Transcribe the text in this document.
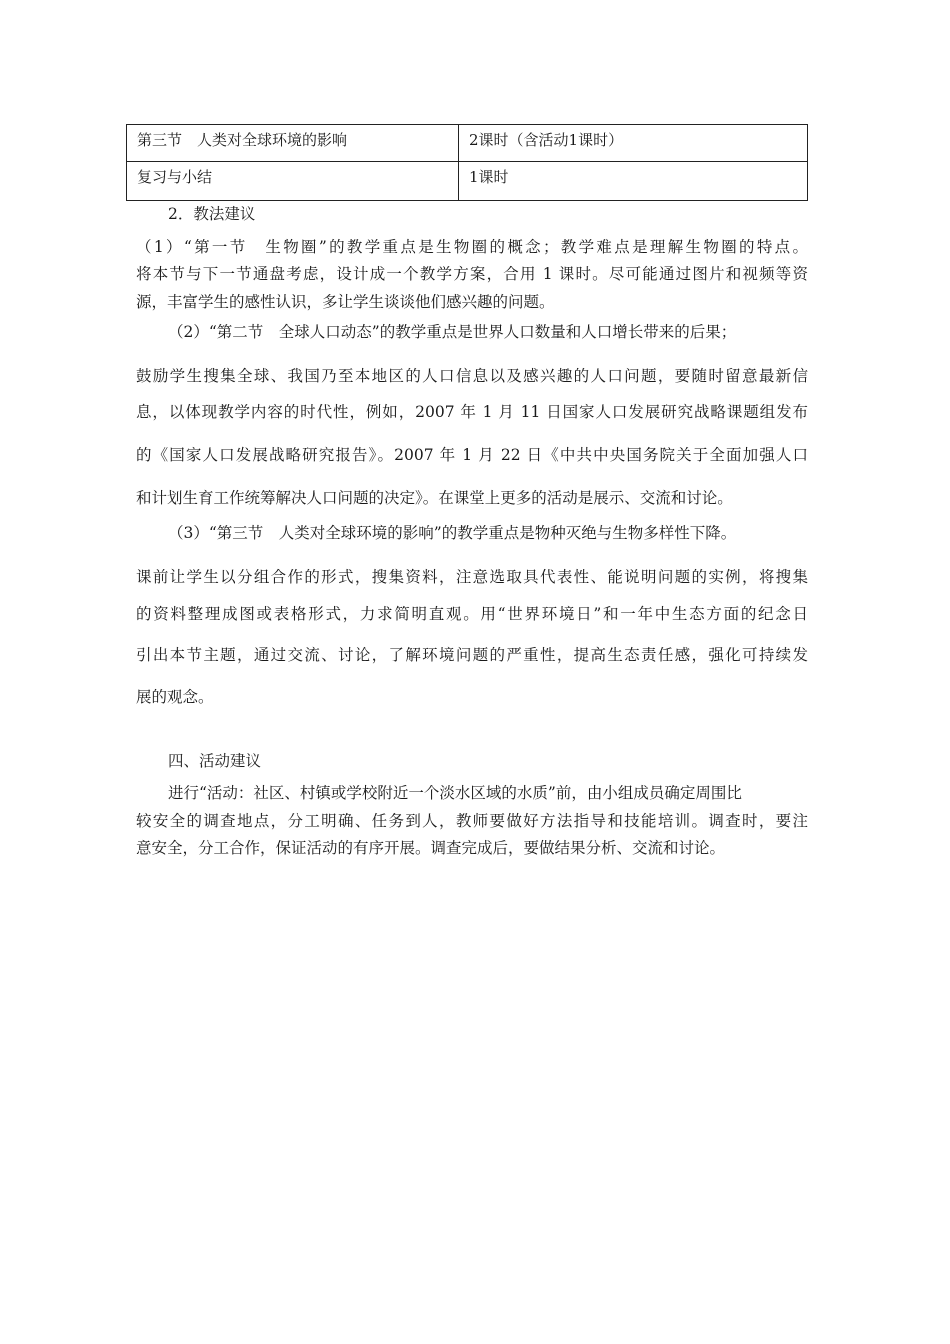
第三节　人类对全球环境的影响	2课时（含活动1课时）
复习与小结	1课时
2．教法建议
（1）“第一节　生物圈”的教学重点是生物圈的概念；教学难点是理解生物圈的特点。
将本节与下一节通盘考虑，设计成一个教学方案，合用 1 课时。尽可能通过图片和视频等资
源，丰富学生的感性认识，多让学生谈谈他们感兴趣的问题。
（2）“第二节　全球人口动态”的教学重点是世界人口数量和人口增长带来的后果；
鼓励学生搜集全球、我国乃至本地区的人口信息以及感兴趣的人口问题，要随时留意最新信
息，以体现教学内容的时代性，例如，2007 年 1 月 11 日国家人口发展研究战略课题组发布
的《国家人口发展战略研究报告》。2007 年 1 月 22 日《中共中央国务院关于全面加强人口
和计划生育工作统筹解决人口问题的决定》。在课堂上更多的活动是展示、交流和讨论。
（3）“第三节　人类对全球环境的影响”的教学重点是物种灭绝与生物多样性下降。
课前让学生以分组合作的形式，搜集资料，注意选取具代表性、能说明问题的实例，将搜集
的资料整理成图或表格形式，力求简明直观。用“世界环境日”和一年中生态方面的纪念日
引出本节主题，通过交流、讨论，了解环境问题的严重性，提高生态责任感，强化可持续发
展的观念。
四、活动建议
进行“活动：社区、村镇或学校附近一个淡水区域的水质”前，由小组成员确定周围比
较安全的调查地点，分工明确、任务到人，教师要做好方法指导和技能培训。调查时，要注
意安全，分工合作，保证活动的有序开展。调查完成后，要做结果分析、交流和讨论。
